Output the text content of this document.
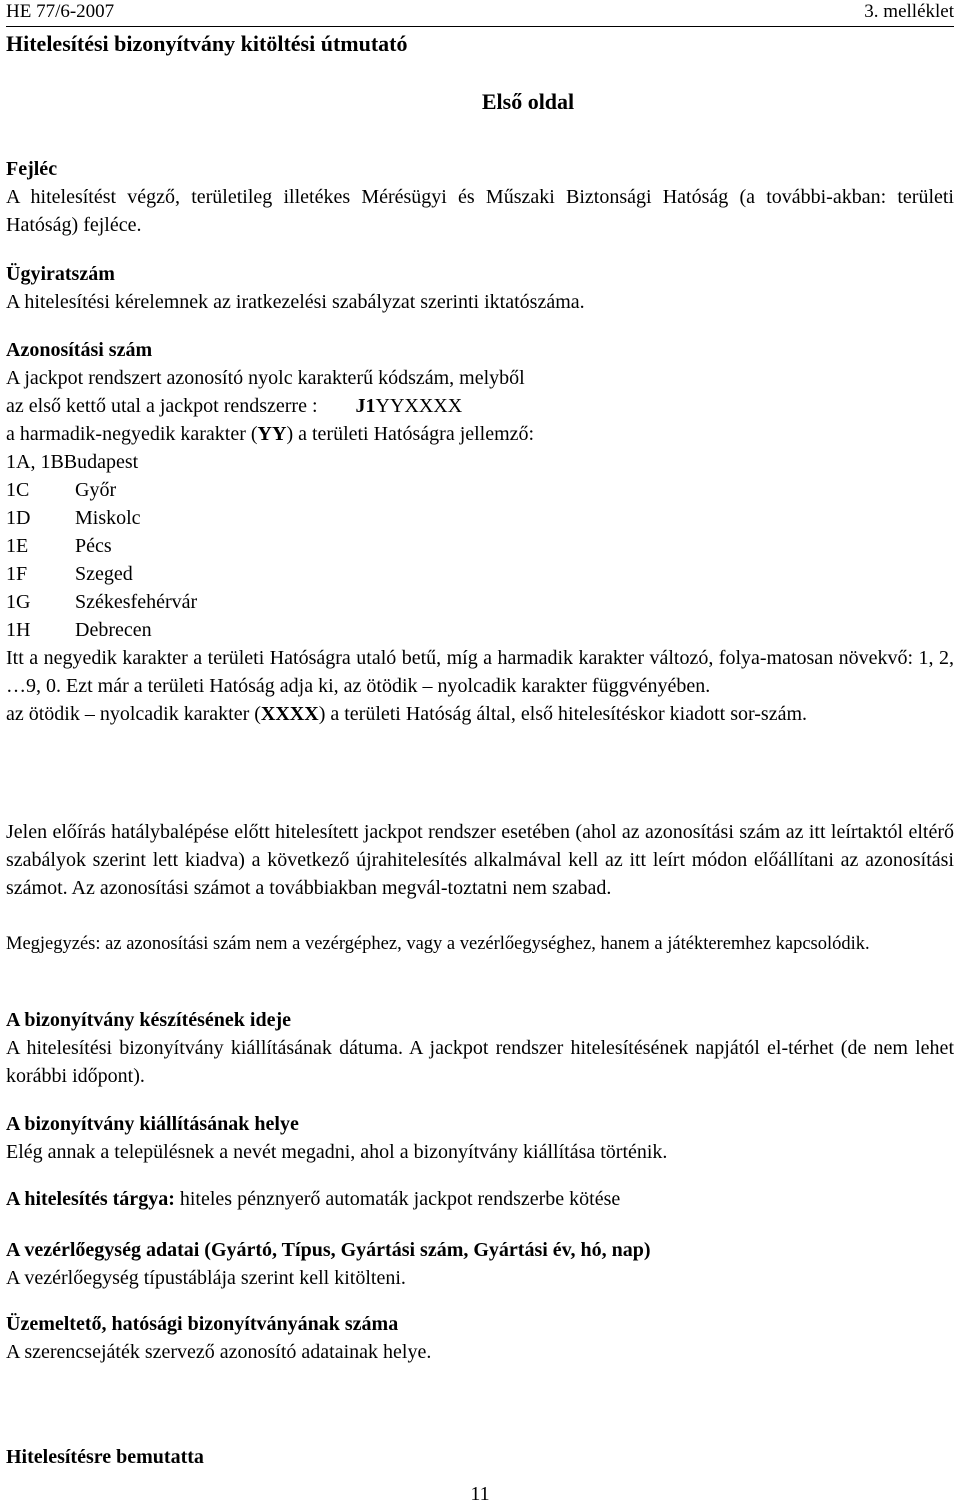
HE 77/6-2007	3. melléklet
Hitelesítési bizonyítvány kitöltési útmutató
Első oldal
Fejléc
A hitelesítést végző, területileg illetékes Mérésügyi és Műszaki Biztonsági Hatóság (a további-akban: területi Hatóság) fejléce.
Ügyiratszám
A hitelesítési kérelemnek az iratkezelési szabályzat szerinti iktatószáma.
Azonosítási szám
A jackpot rendszert azonosító nyolc karakterű kódszám, melyből
az első kettő utal a jackpot rendszerre : J1YYXXXX
a harmadik-negyedik karakter (YY) a területi Hatóságra jellemző:
1A, 1B Budapest
1C	Győr
1D	Miskolc
1E	Pécs
1F	Szeged
1G	Székesfehérvár
1H	Debrecen
Itt a negyedik karakter a területi Hatóságra utaló betű, míg a harmadik karakter változó, folya-matosan növekvő: 1, 2, …9, 0. Ezt már a területi Hatóság adja ki, az ötödik – nyolcadik karakter függvényében.
az ötödik – nyolcadik karakter (XXXX) a területi Hatóság által, első hitelesítéskor kiadott sor-szám.
Jelen előírás hatálybalépése előtt hitelesített jackpot rendszer esetében (ahol az azonosítási szám az itt leírtaktól eltérő szabályok szerint lett kiadva) a következő újrahitelesítés alkalmával kell az itt leírt módon előállítani az azonosítási számot. Az azonosítási számot a továbbiakban megvál-toztatni nem szabad.
Megjegyzés: az azonosítási szám nem a vezérgéphez, vagy a vezérlőegységhez, hanem a játékteremhez kapcsolódik.
A bizonyítvány készítésének ideje
A hitelesítési bizonyítvány kiállításának dátuma. A jackpot rendszer hitelesítésének napjától el-térhet (de nem lehet korábbi időpont).
A bizonyítvány kiállításának helye
Elég annak a településnek a nevét megadni, ahol a bizonyítvány kiállítása történik.
A hitelesítés tárgya: hiteles pénznyerő automaták jackpot rendszerbe kötése
A vezérlőegység adatai (Gyártó, Típus, Gyártási szám, Gyártási év, hó, nap)
A vezérlőegység típustáblája szerint kell kitölteni.
Üzemeltető, hatósági bizonyítványának száma
A szerencsejáték szervező azonosító adatainak helye.
Hitelesítésre bemutatta
11
